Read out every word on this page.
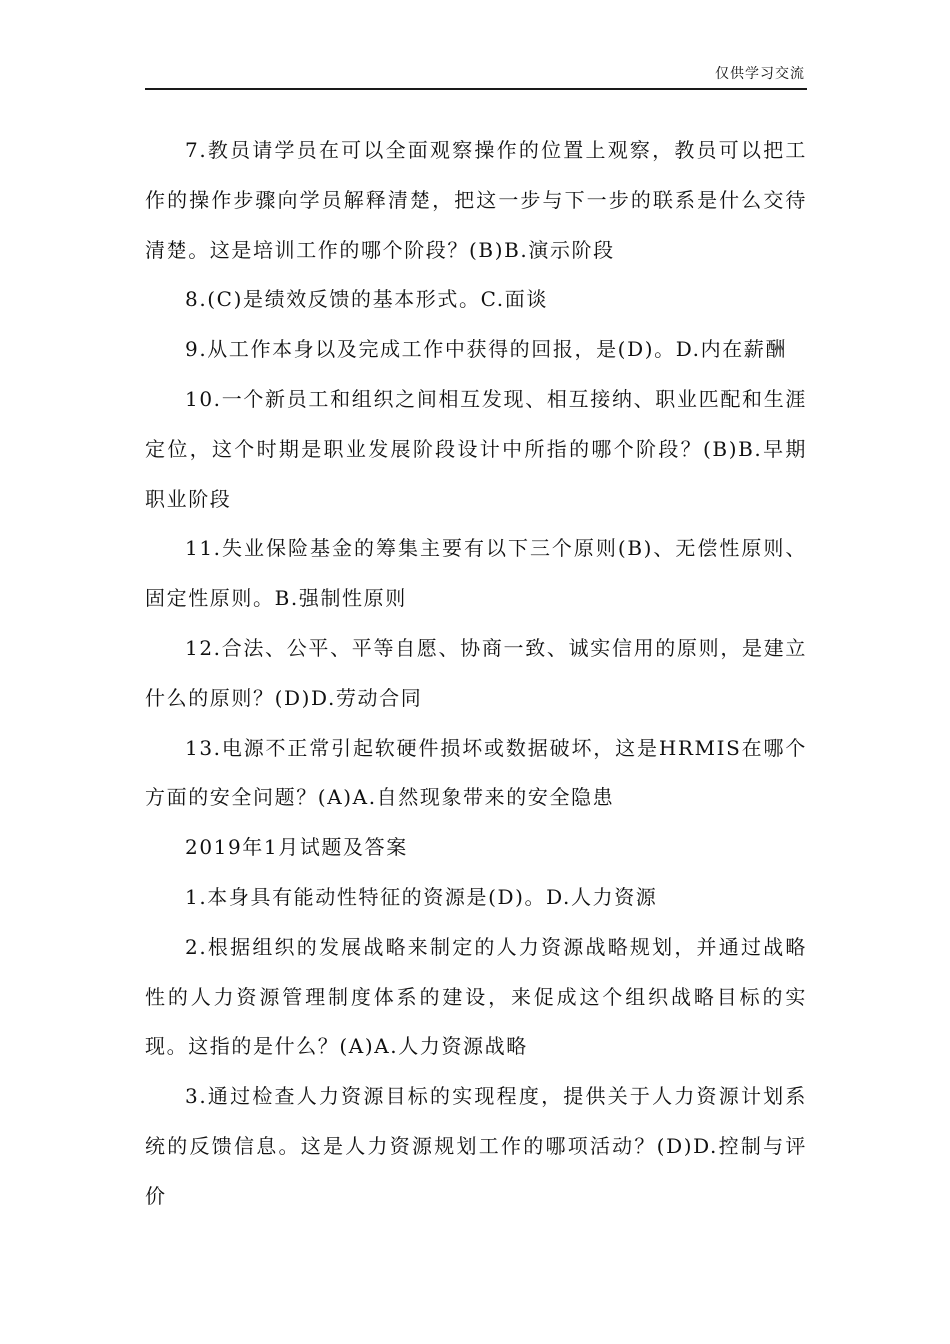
仅供学习交流

7.教员请学员在可以全面观察操作的位置上观察，教员可以把工作的操作步骤向学员解释清楚，把这一步与下一步的联系是什么交待清楚。这是培训工作的哪个阶段？(B)B.演示阶段

8.(C)是绩效反馈的基本形式。C.面谈

9.从工作本身以及完成工作中获得的回报，是(D)。D.内在薪酬

10.一个新员工和组织之间相互发现、相互接纳、职业匹配和生涯定位，这个时期是职业发展阶段设计中所指的哪个阶段？(B)B.早期职业阶段

11.失业保险基金的筹集主要有以下三个原则(B)、无偿性原则、固定性原则。B.强制性原则

12.合法、公平、平等自愿、协商一致、诚实信用的原则，是建立什么的原则？(D)D.劳动合同

13.电源不正常引起软硬件损坏或数据破坏，这是HRMIS在哪个方面的安全问题？(A)A.自然现象带来的安全隐患

2019年1月试题及答案

1.本身具有能动性特征的资源是(D)。D.人力资源

2.根据组织的发展战略来制定的人力资源战略规划，并通过战略性的人力资源管理制度体系的建设，来促成这个组织战略目标的实现。这指的是什么？(A)A.人力资源战略

3.通过检查人力资源目标的实现程度，提供关于人力资源计划系统的反馈信息。这是人力资源规划工作的哪项活动？(D)D.控制与评价
